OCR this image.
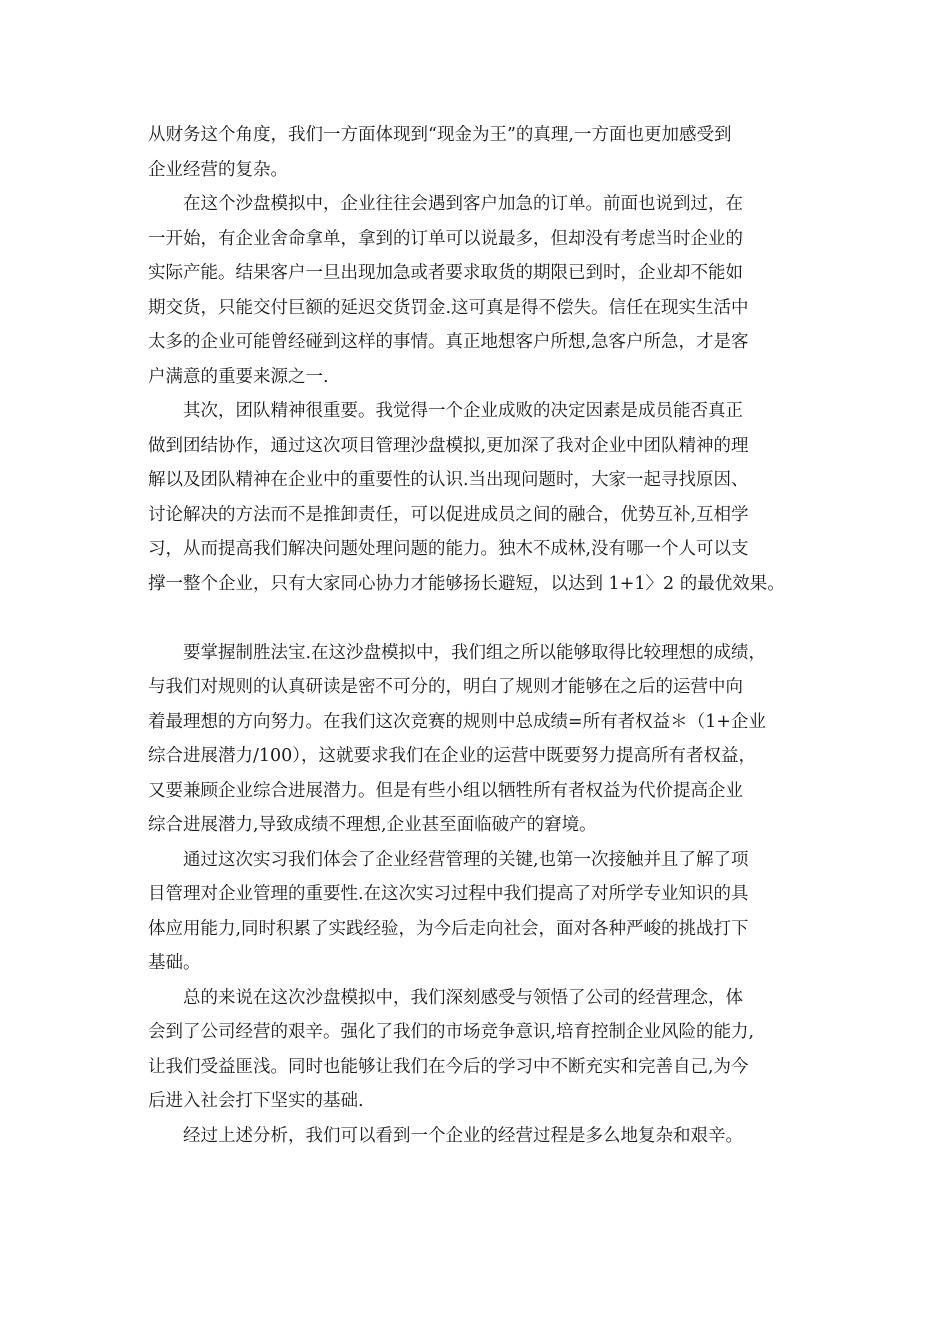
从财务这个角度，我们一方面体现到“现金为王”的真理,一方面也更加感受到
企业经营的复杂。
在这个沙盘模拟中，企业往往会遇到客户加急的订单。前面也说到过，在
一开始，有企业舍命拿单，拿到的订单可以说最多，但却没有考虑当时企业的
实际产能。结果客户一旦出现加急或者要求取货的期限已到时，企业却不能如
期交货，只能交付巨额的延迟交货罚金.这可真是得不偿失。信任在现实生活中
太多的企业可能曾经碰到这样的事情。真正地想客户所想,急客户所急，才是客
户满意的重要来源之一.
其次，团队精神很重要。我觉得一个企业成败的决定因素是成员能否真正
做到团结协作，通过这次项目管理沙盘模拟,更加深了我对企业中团队精神的理
解以及团队精神在企业中的重要性的认识.当出现问题时，大家一起寻找原因、
讨论解决的方法而不是推卸责任，可以促进成员之间的融合，优势互补,互相学
习，从而提高我们解决问题处理问题的能力。独木不成林,没有哪一个人可以支
撑一整个企业，只有大家同心协力才能够扬长避短，以达到 1+1〉2 的最优效果。
要掌握制胜法宝.在这沙盘模拟中，我们组之所以能够取得比较理想的成绩，
与我们对规则的认真研读是密不可分的，明白了规则才能够在之后的运营中向
着最理想的方向努力。在我们这次竞赛的规则中总成绩=所有者权益＊（1+企业
综合进展潜力/100），这就要求我们在企业的运营中既要努力提高所有者权益，
又要兼顾企业综合进展潜力。但是有些小组以牺牲所有者权益为代价提高企业
综合进展潜力,导致成绩不理想,企业甚至面临破产的窘境。
通过这次实习我们体会了企业经营管理的关键,也第一次接触并且了解了项
目管理对企业管理的重要性.在这次实习过程中我们提高了对所学专业知识的具
体应用能力,同时积累了实践经验，为今后走向社会，面对各种严峻的挑战打下
基础。
总的来说在这次沙盘模拟中，我们深刻感受与领悟了公司的经营理念，体
会到了公司经营的艰辛。强化了我们的市场竞争意识,培育控制企业风险的能力,
让我们受益匪浅。同时也能够让我们在今后的学习中不断充实和完善自己,为今
后进入社会打下坚实的基础.
经过上述分析，我们可以看到一个企业的经营过程是多么地复杂和艰辛。
